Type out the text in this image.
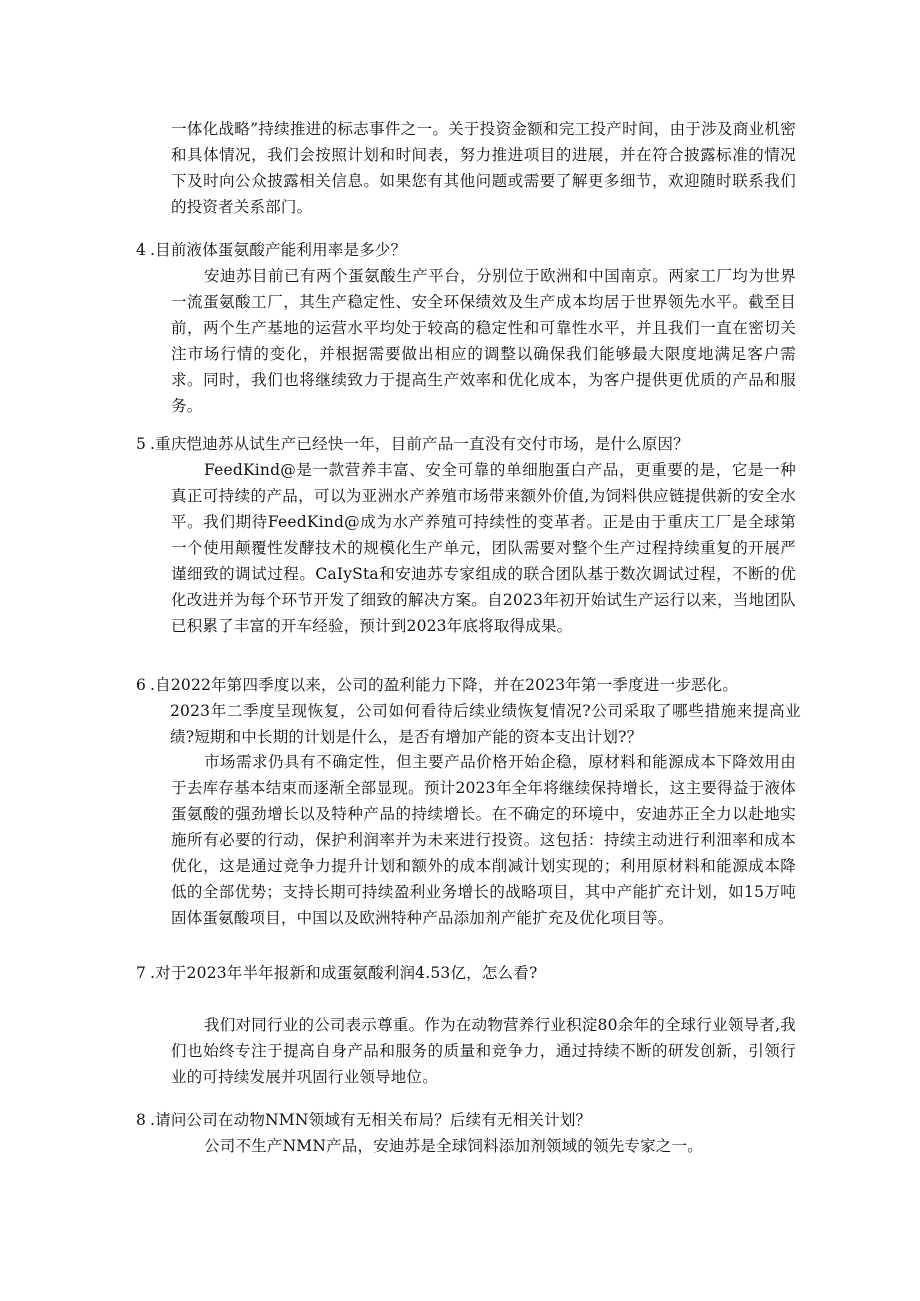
一体化战略”持续推进的标志事件之一。关于投资金额和完工投产时间，由于涉及商业机密和具体情况，我们会按照计划和时间表，努力推进项目的进展，并在符合披露标准的情况下及时向公众披露相关信息。如果您有其他问题或需要了解更多细节，欢迎随时联系我们的投资者关系部门。

4 .目前液体蛋氨酸产能利用率是多少？

安迪苏目前已有两个蛋氨酸生产平台，分别位于欧洲和中国南京。两家工厂均为世界一流蛋氨酸工厂，其生产稳定性、安全环保绩效及生产成本均居于世界领先水平。截至目前，两个生产基地的运营水平均处于较高的稳定性和可靠性水平，并且我们一直在密切关注市场行情的变化，并根据需要做出相应的调整以确保我们能够最大限度地满足客户需求。同时，我们也将继续致力于提高生产效率和优化成本，为客户提供更优质的产品和服务。

5 .重庆恺迪苏从试生产已经快一年，目前产品一直没有交付市场，是什么原因？

FeedKind@是一款营养丰富、安全可靠的单细胞蛋白产品，更重要的是，它是一种真正可持续的产品，可以为亚洲水产养殖市场带来额外价值,为饲料供应链提供新的安全水平。我们期待FeedKind@成为水产养殖可持续性的变革者。正是由于重庆工厂是全球第一个使用颠覆性发酵技术的规模化生产单元，团队需要对整个生产过程持续重复的开展严谨细致的调试过程。CaIySta和安迪苏专家组成的联合团队基于数次调试过程，不断的优化改进并为每个环节开发了细致的解决方案。自2023年初开始试生产运行以来，当地团队已积累了丰富的开车经验，预计到2023年底将取得成果。

6 .自2022年第四季度以来，公司的盈利能力下降，并在2023年第一季度进一步恶化。
2023年二季度呈现恢复，公司如何看待后续业绩恢复情况?公司采取了哪些措施来提高业绩?短期和中长期的计划是什么，是否有增加产能的资本支出计划?？

市场需求仍具有不确定性，但主要产品价格开始企稳，原材料和能源成本下降效用由于去库存基本结束而逐渐全部显现。预计2023年全年将继续保持增长，这主要得益于液体蛋氨酸的强劲增长以及特种产品的持续增长。在不确定的环境中，安迪苏正全力以赴地实施所有必要的行动，保护利润率并为未来进行投资。这包括：持续主动进行利沺率和成本优化，这是通过竞争力提升计划和额外的成本削减计划实现的；利用原材料和能源成本降低的全部优势；支持长期可持续盈利业务增长的战略项目，其中产能扩充计划，如15万吨固体蛋氨酸项目，中国以及欧洲特种产品添加剂产能扩充及优化项目等。

7 .对于2023年半年报新和成蛋氨酸利润4.53亿，怎么看?

我们对同行业的公司表示尊重。作为在动物营养行业积淀80余年的全球行业领导者,我们也始终专注于提高自身产品和服务的质量和竞争力，通过持续不断的研发创新，引领行业的可持续发展并巩固行业领导地位。

8 .请问公司在动物NMN领域有无相关布局？后续有无相关计划？

公司不生产NMN产品，安迪苏是全球饲料添加剂领域的领先专家之一。
